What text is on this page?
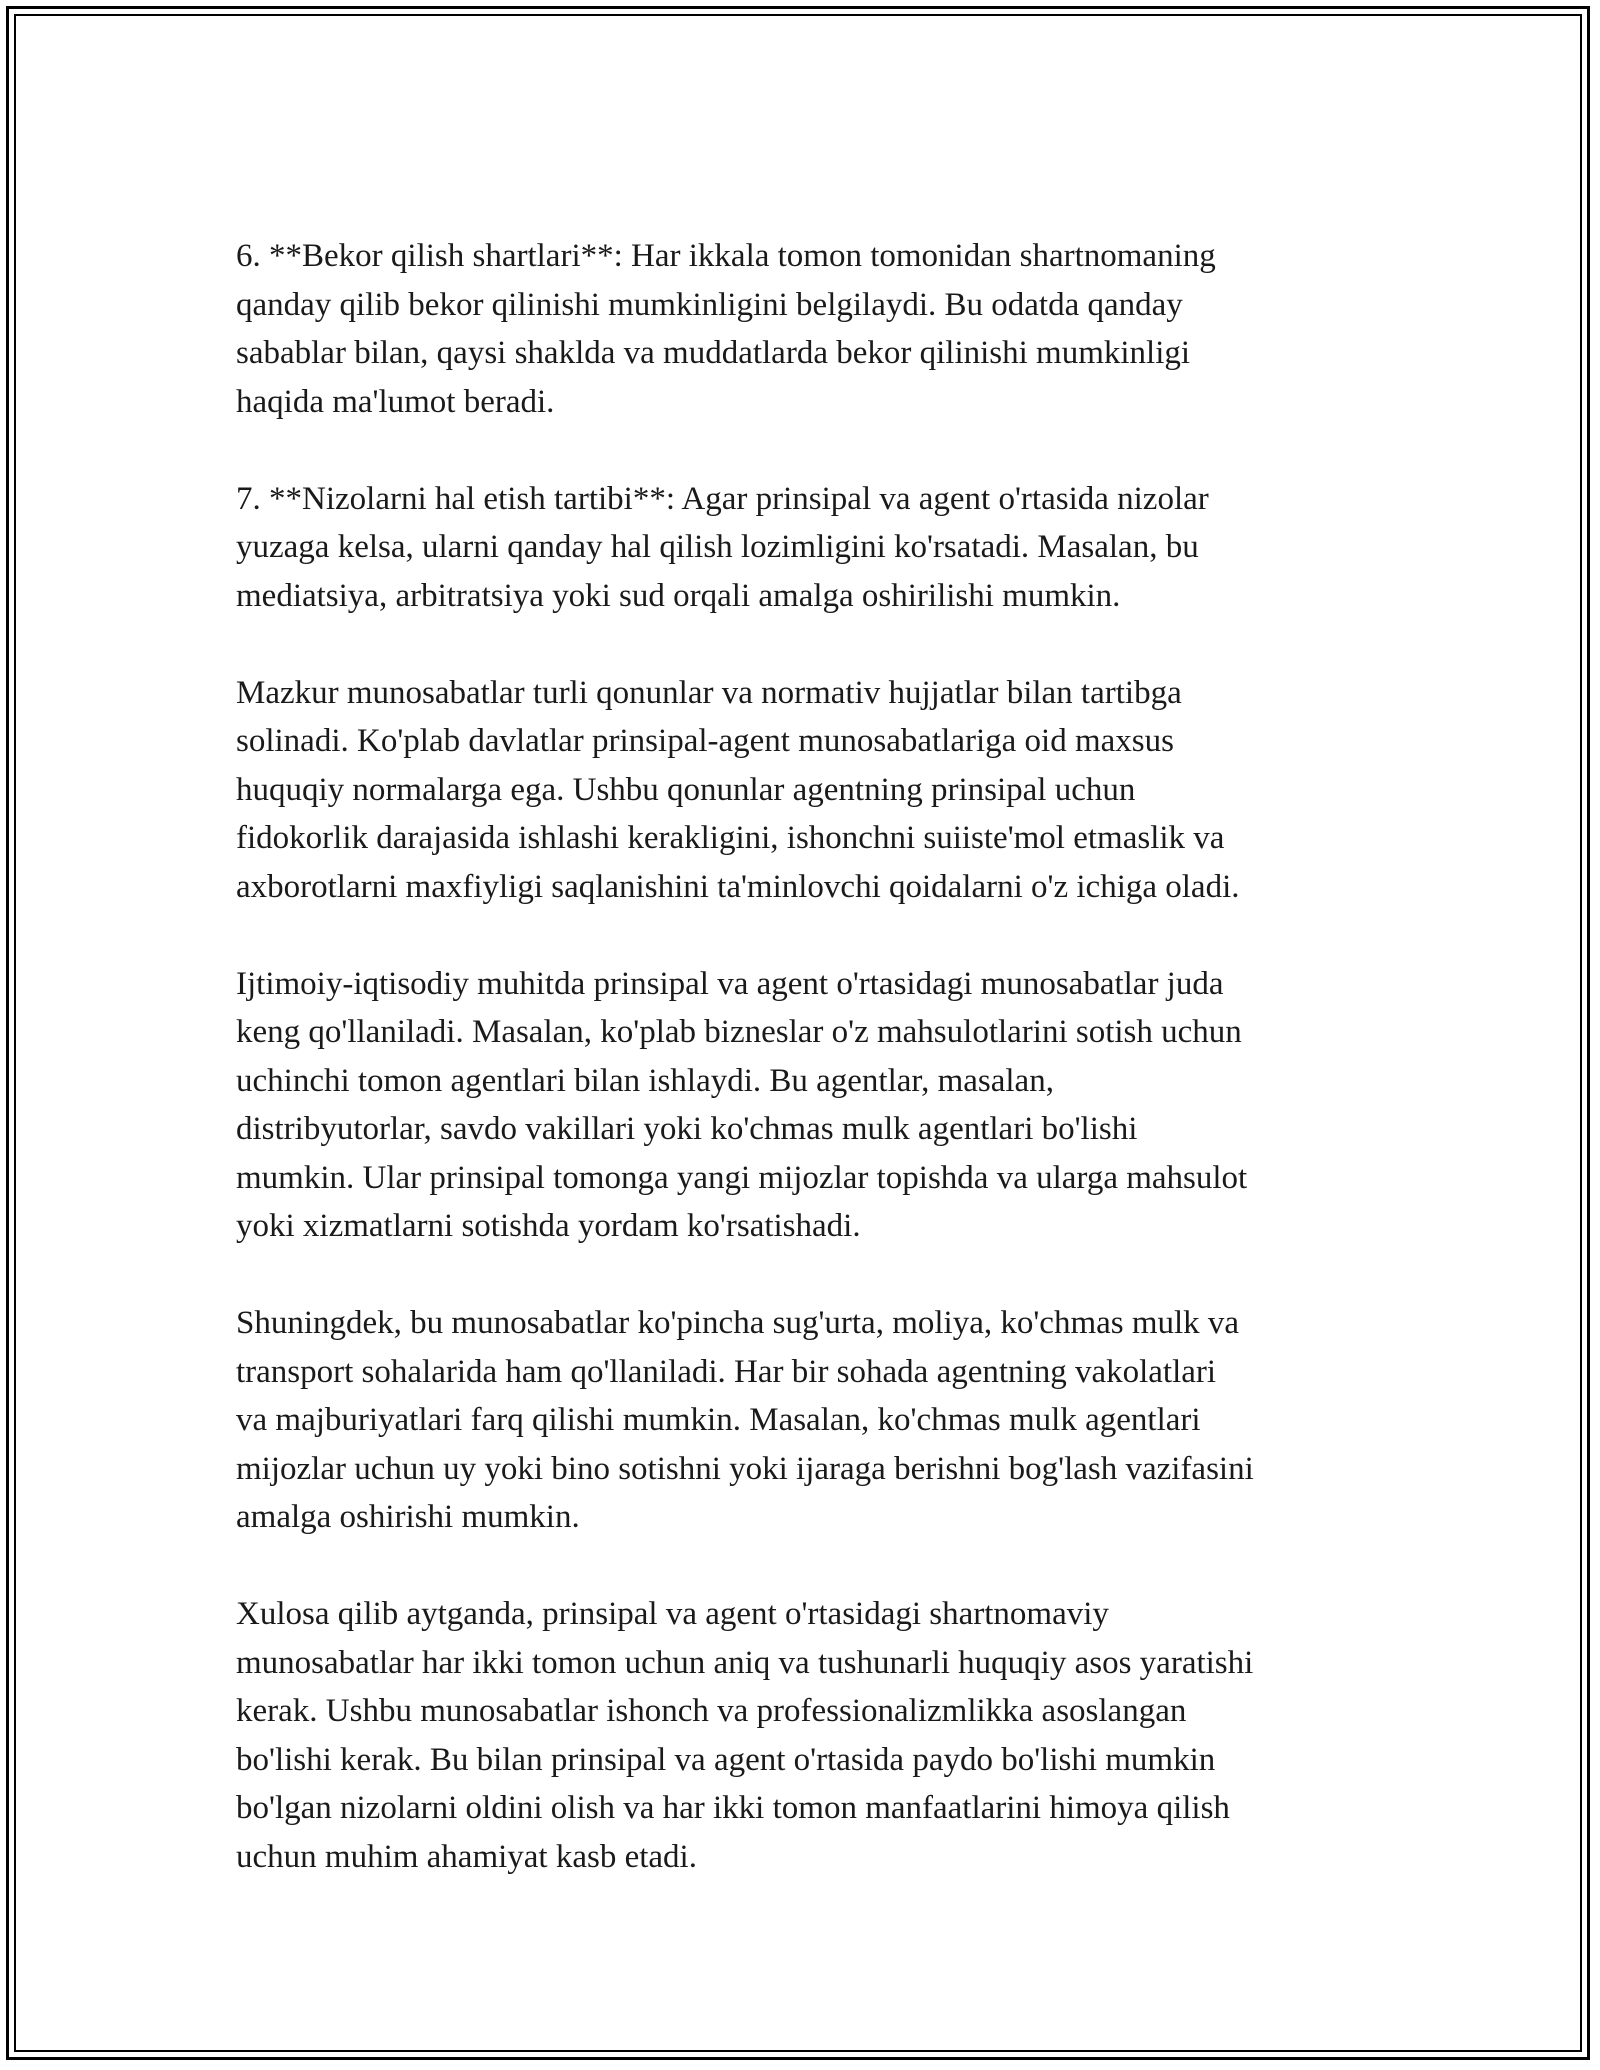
6. **Bekor qilish shartlari**: Har ikkala tomon tomonidan shartnomaning
qanday qilib bekor qilinishi mumkinligini belgilaydi. Bu odatda qanday
sabablar bilan, qaysi shaklda va muddatlarda bekor qilinishi mumkinligi
haqida ma'lumot beradi.

7. **Nizolarni hal etish tartibi**: Agar prinsipal va agent o'rtasida nizolar
yuzaga kelsa, ularni qanday hal qilish lozimligini ko'rsatadi. Masalan, bu
mediatsiya, arbitratsiya yoki sud orqali amalga oshirilishi mumkin.

Mazkur munosabatlar turli qonunlar va normativ hujjatlar bilan tartibga
solinadi. Ko'plab davlatlar prinsipal-agent munosabatlariga oid maxsus
huquqiy normalarga ega. Ushbu qonunlar agentning prinsipal uchun
fidokorlik darajasida ishlashi kerakligini, ishonchni suiiste'mol etmaslik va
axborotlarni maxfiyligi saqlanishini ta'minlovchi qoidalarni o'z ichiga oladi.

Ijtimoiy-iqtisodiy muhitda prinsipal va agent o'rtasidagi munosabatlar juda
keng qo'llaniladi. Masalan, ko'plab bizneslar o'z mahsulotlarini sotish uchun
uchinchi tomon agentlari bilan ishlaydi. Bu agentlar, masalan,
distribyutorlar, savdo vakillari yoki ko'chmas mulk agentlari bo'lishi
mumkin. Ular prinsipal tomonga yangi mijozlar topishda va ularga mahsulot
yoki xizmatlarni sotishda yordam ko'rsatishadi.

Shuningdek, bu munosabatlar ko'pincha sug'urta, moliya, ko'chmas mulk va
transport sohalarida ham qo'llaniladi. Har bir sohada agentning vakolatlari
va majburiyatlari farq qilishi mumkin. Masalan, ko'chmas mulk agentlari
mijozlar uchun uy yoki bino sotishni yoki ijaraga berishni bog'lash vazifasini
amalga oshirishi mumkin.

Xulosa qilib aytganda, prinsipal va agent o'rtasidagi shartnomaviy
munosabatlar har ikki tomon uchun aniq va tushunarli huquqiy asos yaratishi
kerak. Ushbu munosabatlar ishonch va professionalizmlikka asoslangan
bo'lishi kerak. Bu bilan prinsipal va agent o'rtasida paydo bo'lishi mumkin
bo'lgan nizolarni oldini olish va har ikki tomon manfaatlarini himoya qilish
uchun muhim ahamiyat kasb etadi.
